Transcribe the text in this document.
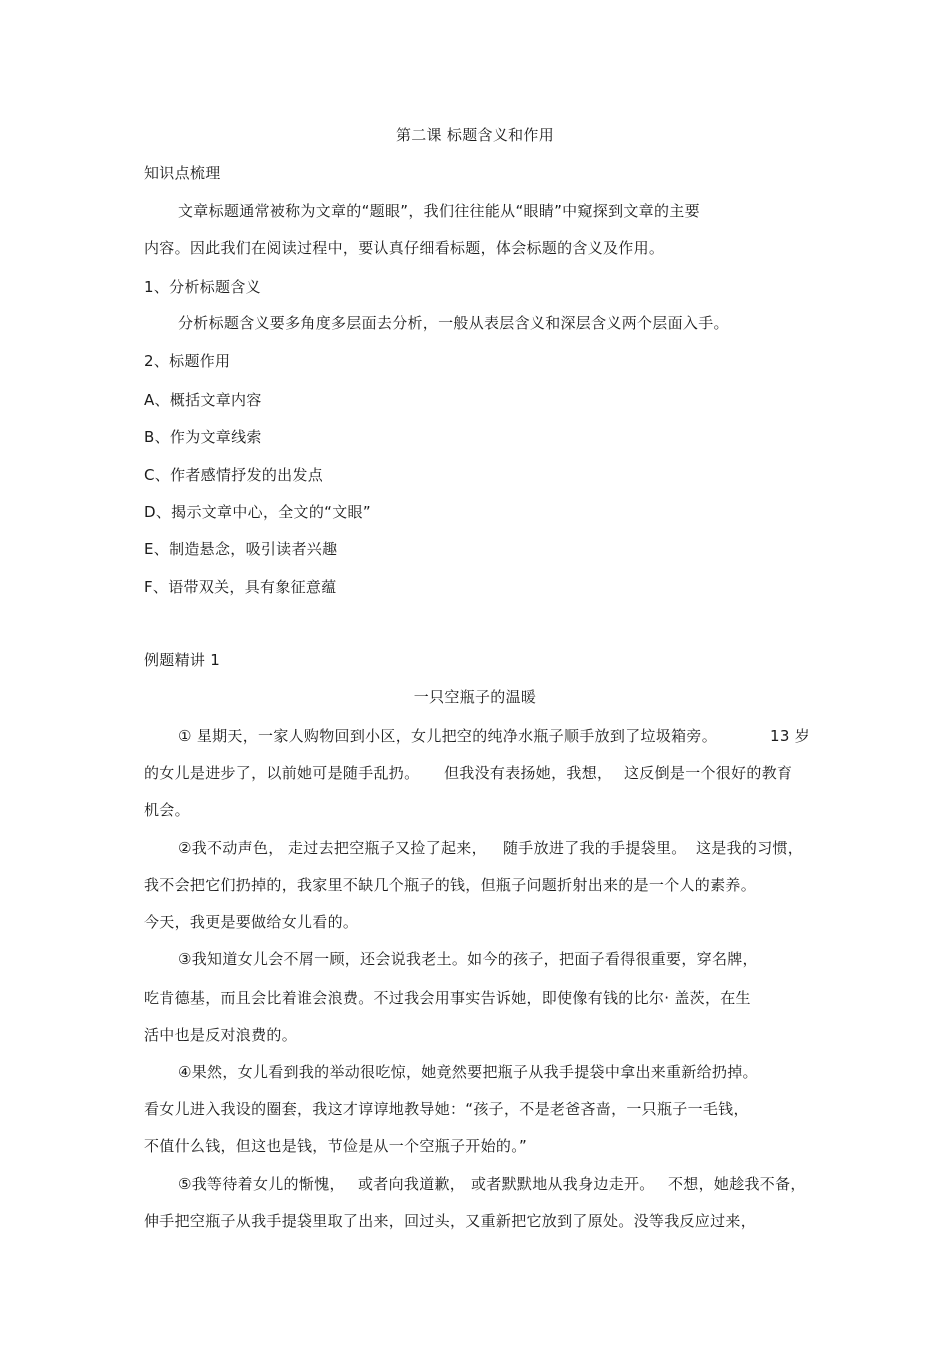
第二课 标题含义和作用
知识点梳理
文章标题通常被称为文章的“题眼”，我们往往能从“眼睛”中窥探到文章的主要
内容。因此我们在阅读过程中，要认真仔细看标题，体会标题的含义及作用。
1、分析标题含义
分析标题含义要多角度多层面去分析，一般从表层含义和深层含义两个层面入手。
2、标题作用
A、概括文章内容
B、作为文章线索
C、作者感情抒发的出发点
D、揭示文章中心，全文的“文眼”
E、制造悬念，吸引读者兴趣
F、语带双关，具有象征意蕴
例题精讲 1
一只空瓶子的温暖
① 星期天，一家人购物回到小区，女儿把空的纯净水瓶子顺手放到了垃圾箱旁。	13 岁
的女儿是进步了，以前她可是随手乱扔。 但我没有表扬她，我想， 这反倒是一个很好的教育
机会。
②我不动声色， 走过去把空瓶子又捡了起来， 随手放进了我的手提袋里。 这是我的习惯，
我不会把它们扔掉的，我家里不缺几个瓶子的钱，但瓶子问题折射出来的是一个人的素养。
今天，我更是要做给女儿看的。
③我知道女儿会不屑一顾，还会说我老土。如今的孩子，把面子看得很重要，穿名牌，
吃肯德基，而且会比着谁会浪费。不过我会用事实告诉她，即使像有钱的比尔· 盖茨，在生
活中也是反对浪费的。
④果然，女儿看到我的举动很吃惊，她竟然要把瓶子从我手提袋中拿出来重新给扔掉。
看女儿进入我设的圈套，我这才谆谆地教导她：“孩子，不是老爸吝啬，一只瓶子一毛钱，
不值什么钱，但这也是钱，节俭是从一个空瓶子开始的。”
⑤我等待着女儿的惭愧， 或者向我道歉， 或者默默地从我身边走开。 不想，她趁我不备，
伸手把空瓶子从我手提袋里取了出来，回过头，又重新把它放到了原处。没等我反应过来，
